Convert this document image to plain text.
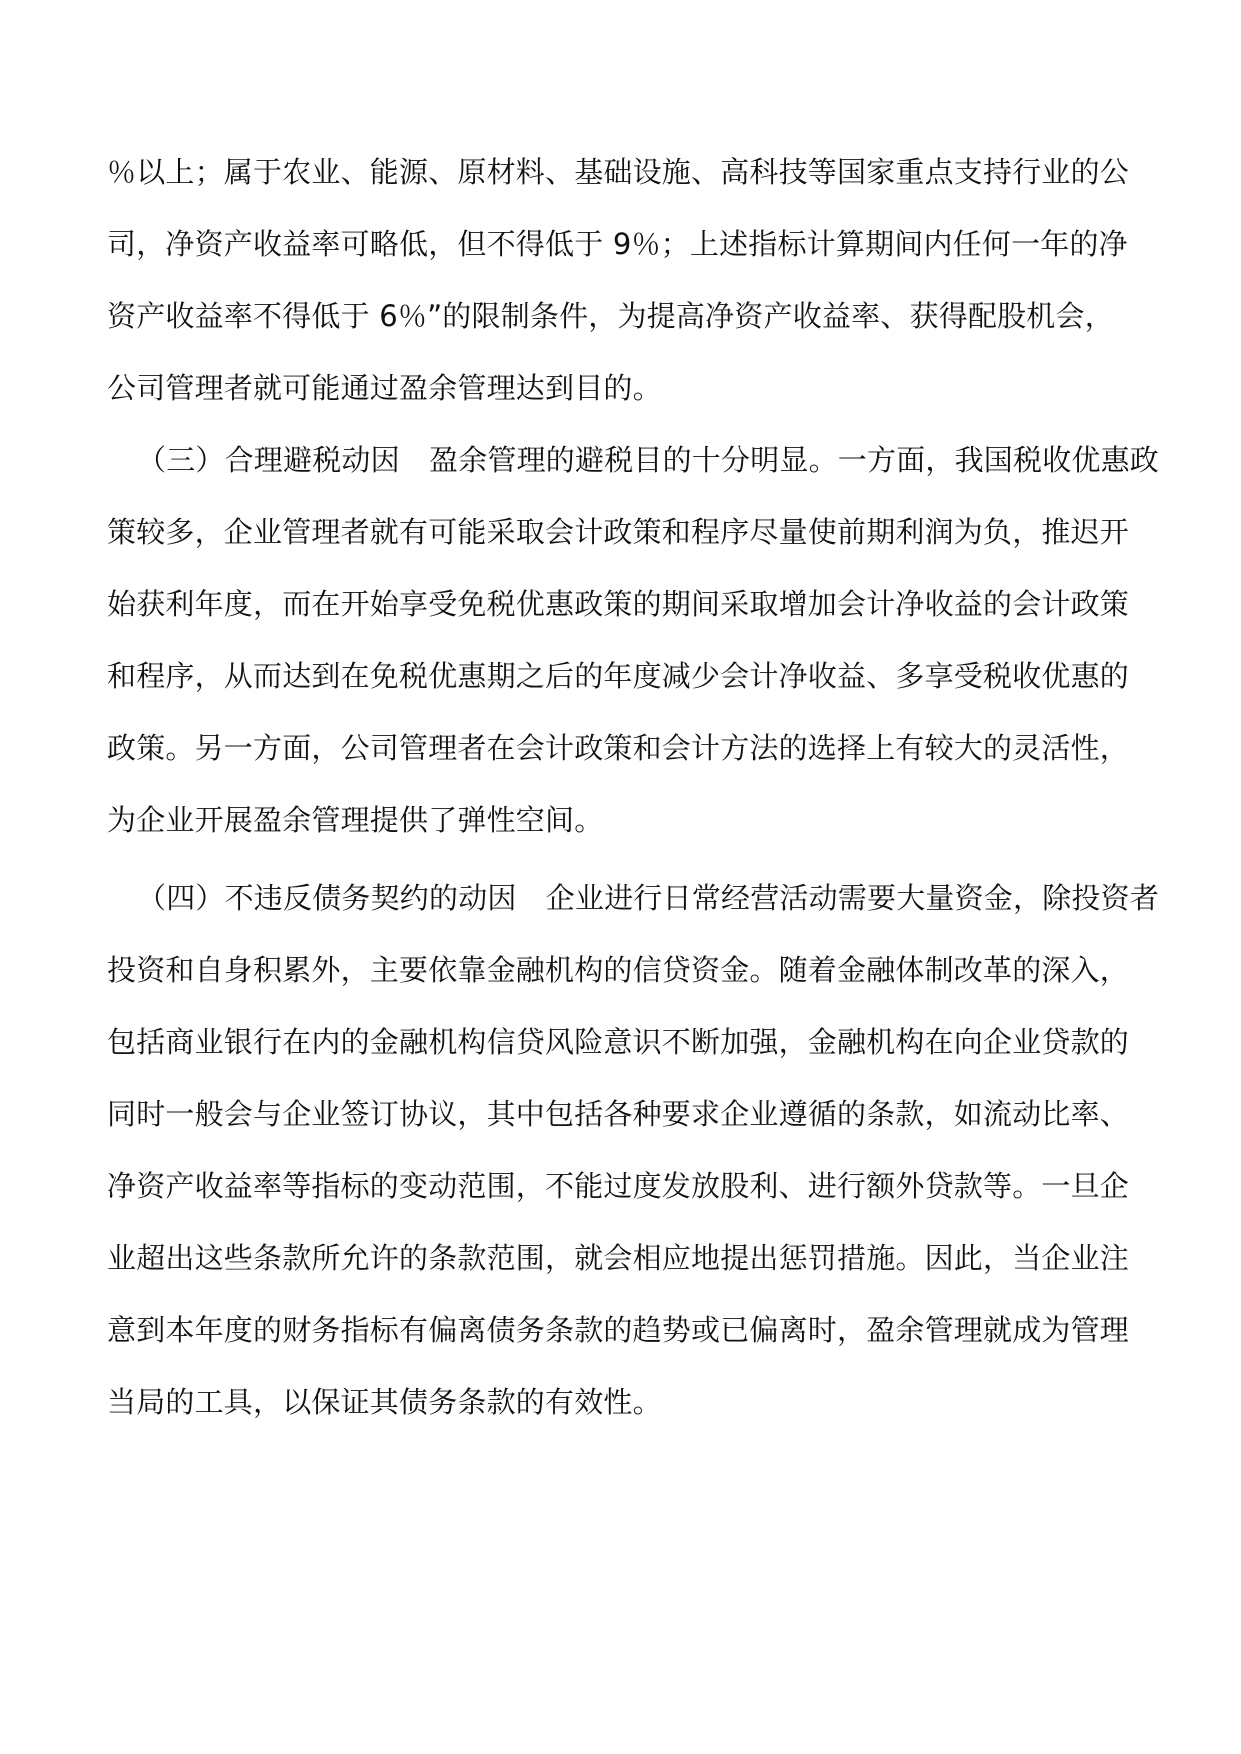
％以上；属于农业、能源、原材料、基础设施、高科技等国家重点支持行业的公
司，净资产收益率可略低，但不得低于 9％；上述指标计算期间内任何一年的净
资产收益率不得低于 6％”的限制条件，为提高净资产收益率、获得配股机会，
公司管理者就可能通过盈余管理达到目的。
（三）合理避税动因　盈余管理的避税目的十分明显。一方面，我国税收优惠政
策较多，企业管理者就有可能采取会计政策和程序尽量使前期利润为负，推迟开
始获利年度，而在开始享受免税优惠政策的期间采取增加会计净收益的会计政策
和程序，从而达到在免税优惠期之后的年度减少会计净收益、多享受税收优惠的
政策。另一方面，公司管理者在会计政策和会计方法的选择上有较大的灵活性，
为企业开展盈余管理提供了弹性空间。
（四）不违反债务契约的动因　企业进行日常经营活动需要大量资金，除投资者
投资和自身积累外，主要依靠金融机构的信贷资金。随着金融体制改革的深入，
包括商业银行在内的金融机构信贷风险意识不断加强，金融机构在向企业贷款的
同时一般会与企业签订协议，其中包括各种要求企业遵循的条款，如流动比率、
净资产收益率等指标的变动范围，不能过度发放股利、进行额外贷款等。一旦企
业超出这些条款所允许的条款范围，就会相应地提出惩罚措施。因此，当企业注
意到本年度的财务指标有偏离债务条款的趋势或已偏离时，盈余管理就成为管理
当局的工具，以保证其债务条款的有效性。
